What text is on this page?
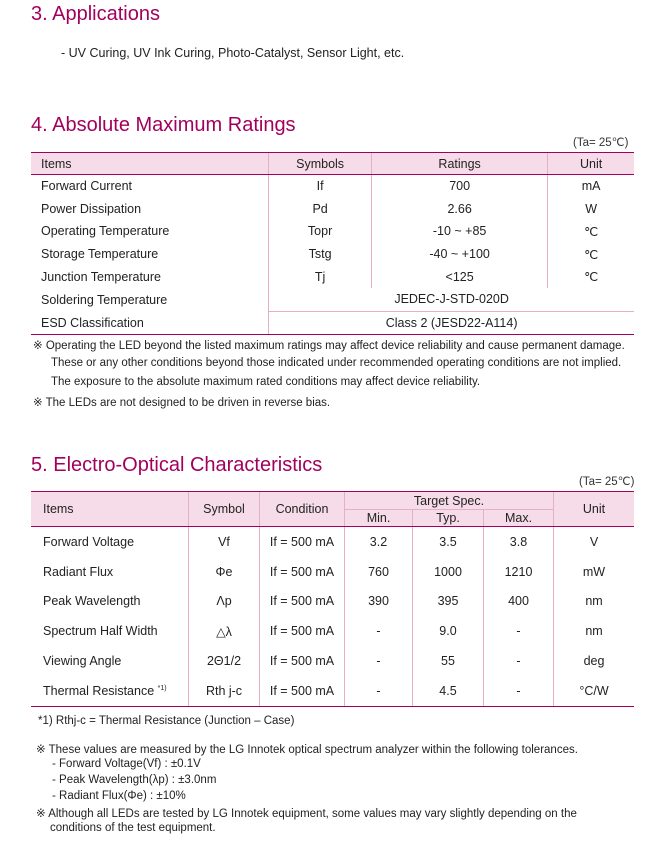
3. Applications
- UV Curing, UV Ink Curing, Photo-Catalyst, Sensor Light, etc.
4. Absolute Maximum Ratings
(Ta= 25℃)
Items	Symbols	Ratings	Unit
Forward Current	If	700	mA
Power Dissipation	Pd	2.66	W
Operating Temperature	Topr	-10 ~ +85	℃
Storage Temperature	Tstg	-40 ~ +100	℃
Junction Temperature	Tj	<125	℃
Soldering Temperature	JEDEC-J-STD-020D		
ESD Classification	Class 2 (JESD22-A114)		
※ Operating the LED beyond the listed maximum ratings may affect device reliability and cause permanent damage.
These or any other conditions beyond those indicated under recommended operating conditions are not implied.
The exposure to the absolute maximum rated conditions may affect device reliability.
※ The LEDs are not designed to be driven in reverse bias.
5. Electro-Optical Characteristics
(Ta= 25℃)
Items	Symbol	Condition	Target Spec.			Unit
			Min.	Typ.	Max.	
Forward Voltage	Vf	If = 500 mA	3.2	3.5	3.8	V
Radiant Flux	Φe	If = 500 mA	760	1000	1210	mW
Peak Wavelength	Λp	If = 500 mA	390	395	400	nm
Spectrum Half Width	△λ	If = 500 mA	-	9.0	-	nm
Viewing Angle	2Θ1/2	If = 500 mA	-	55	-	deg
Thermal Resistance $^{*1)}$	Rth j-c	If = 500 mA	-	4.5	-	°C/W
*1) Rthj-c = Thermal Resistance (Junction – Case)
※ These values are measured by the LG Innotek optical spectrum analyzer within the following tolerances.
- Forward Voltage(Vf) : ±0.1V
- Peak Wavelength(λp) : ±3.0nm
- Radiant Flux(Φe) : ±10%
※ Although all LEDs are tested by LG Innotek equipment, some values may vary slightly depending on the
conditions of the test equipment.
